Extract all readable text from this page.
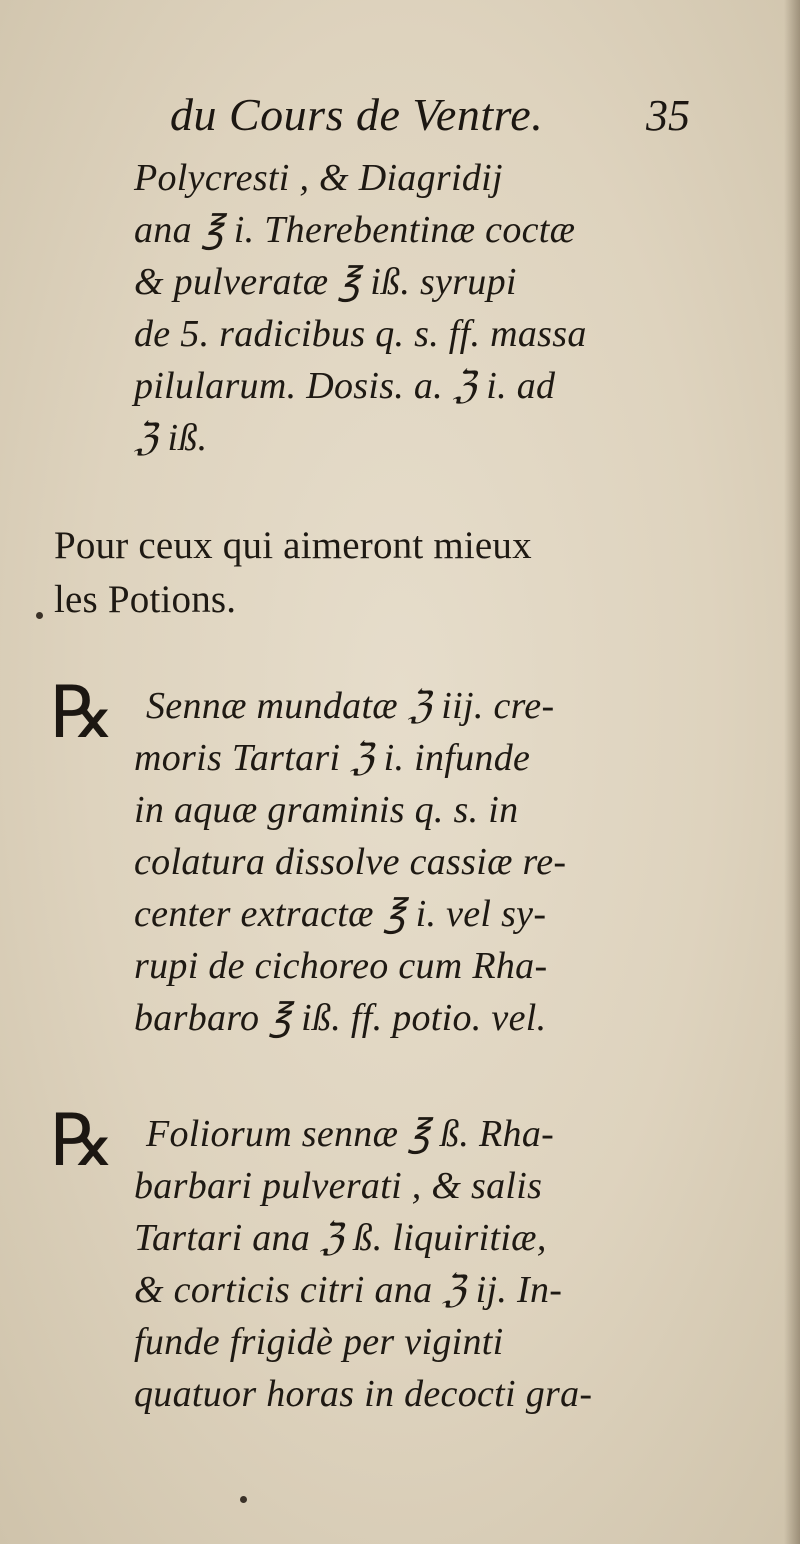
du Cours de Ventre. 35
Polycresti , & Diagridij
ana ℥ i. Therebentinæ coctæ
& pulveratæ ℥ iß. syrupi
de 5. radicibus q. s. ff. massa
pilularum. Dosis. a. ℨ i. ad
ℨ iß.
Pour ceux qui aimeront mieux
les Potions.
℞ Sennæ mundatæ ℨ iij. cre-
moris Tartari ℨ i. infunde
in aquæ graminis q. s. in
colatura dissolve cassiæ re-
center extractæ ℥ i. vel sy-
rupi de cichoreo cum Rha-
barbaro ℥ iß. ff. potio. vel.
℞ Foliorum sennæ ℥ ß. Rha-
barbari pulverati , & salis
Tartari ana ℨ ß. liquiritiæ,
& corticis citri ana ℨ ij. In-
funde frigidè per viginti
quatuor horas in decocti gra-
